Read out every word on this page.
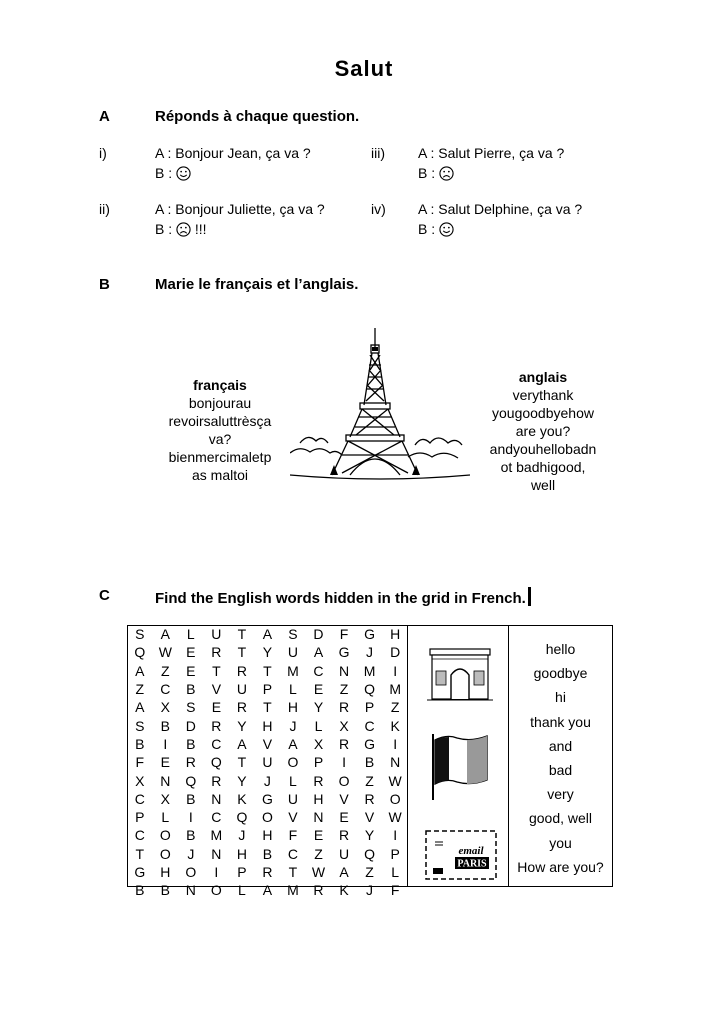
Salut
A	Réponds à chaque question.
i)	A : Bonjour Jean, ça va ?
B :
ii)	A : Bonjour Juliette, ça va ?
B : !!!
iii) A : Salut Pierre, ça va ?
B :
iv) A : Salut Delphine, ça va ?
B :
B	Marie le français et l’anglais.
français
bonjourau
revoirsaluttrèsça
va?
bienmercimaletp
as maltoi
anglais
verythank
yougoodbyehow
are you?
andyouhellobadn
ot badhigood,
well
C	Find the English words hidden in the grid in French.
S	A	L	U	T	A	S	D	F	G	H
Q	W	E	R	T	Y	U	A	G	J	D
A	Z	E	T	R	T	M	C	N	M	I
Z	C	B	V	U	P	L	E	Z	Q	M
A	X	S	E	R	T	H	Y	R	P	Z
S	B	D	R	Y	H	J	L	X	C	K
B	I	B	C	A	V	A	X	R	G	I
F	E	R	Q	T	U	O	P	I	B	N
X	N	Q	R	Y	J	L	R	O	Z	W
C	X	B	N	K	G	U	H	V	R	O
P	L	I	C	Q	O	V	N	E	V	W
C	O	B	M	J	H	F	E	R	Y	I
T	O	J	N	H	B	C	Z	U	Q	P
G	H	O	I	P	R	T	W	A	Z	L
B	B	N	O	L	A	M	R	K	J	F
PARIS
email
hello
goodbye
hi
thank you
and
bad
very
good, well
you
How are you?
